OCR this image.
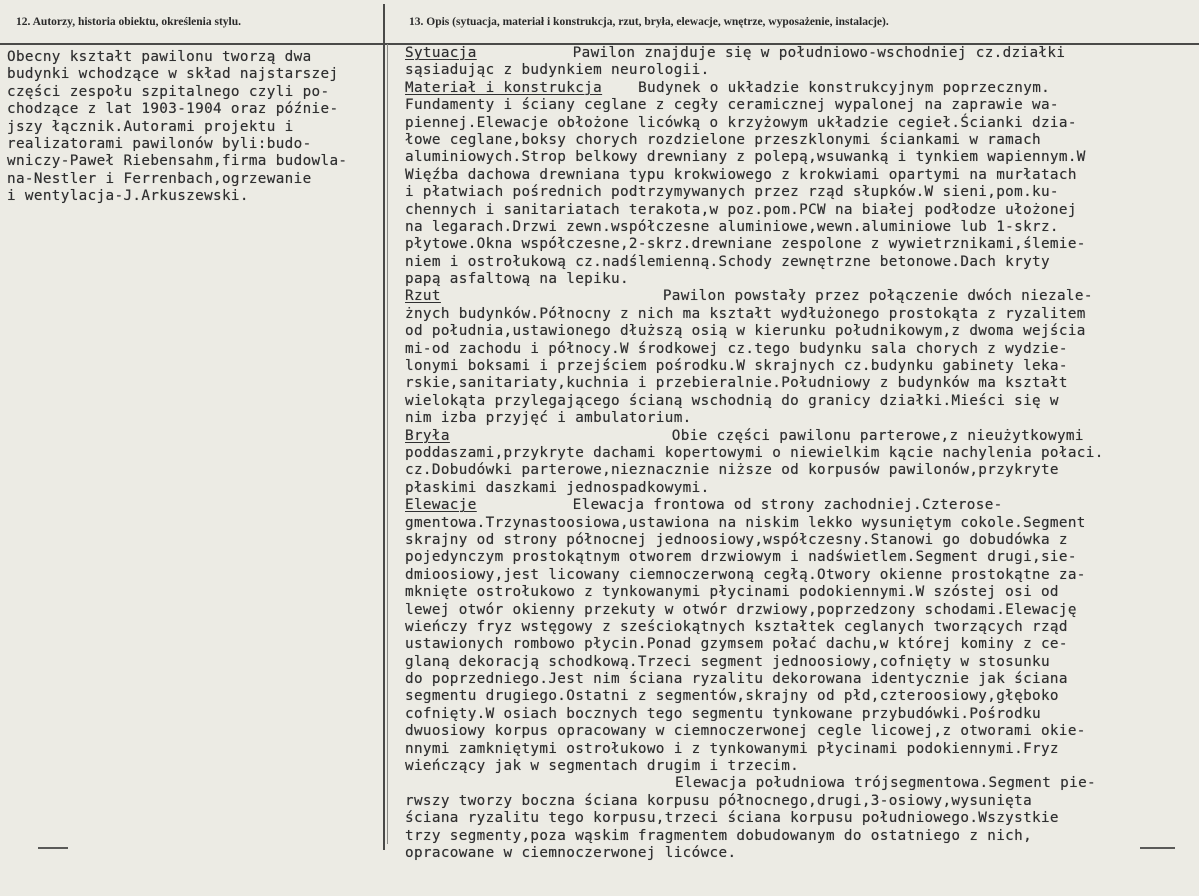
12. Autorzy, historia obiektu, określenia stylu.	13. Opis (sytuacja, materiał i konstrukcja, rzut, bryła, elewacje, wnętrze, wyposażenie, instalacje).
Obecny kształt pawilonu tworzą dwa
budynki wchodzące w skład najstarszej
części zespołu szpitalnego czyli po-
chodzące z lat 1903-1904 oraz późnie-
jszy łącznik.Autorami projektu i
realizatorami pawilonów byli:budo-
wniczy-Paweł Riebensahm,firma budowla-
na-Nestler i Ferrenbach,ogrzewanie
i wentylacja-J.Arkuszewski.
Sytuacja	Pawilon znajduje się w południowo-wschodniej cz.działki
sąsiadując z budynkiem neurologii.
Materiał i konstrukcja	Budynek o układzie konstrukcyjnym poprzecznym.
Fundamenty i ściany ceglane z cegły ceramicznej wypalonej na zaprawie wa-
piennej.Elewacje obłożone licówką o krzyżowym układzie cegieł.Ścianki dzia-
łowe ceglane,boksy chorych rozdzielone przeszklonymi ściankami w ramach
aluminiowych.Strop belkowy drewniany z polepą,wsuwanką i tynkiem wapiennym.W
Więźba dachowa drewniana typu krokwiowego z krokwiami opartymi na murłatach
i płatwiach pośrednich podtrzymywanych przez rząd słupków.W sieni,pom.ku-
chennych i sanitariatach terakota,w poz.pom.PCW na białej podłodze ułożonej
na legarach.Drzwi zewn.współczesne aluminiowe,wewn.aluminiowe lub 1-skrz.
płytowe.Okna współczesne,2-skrz.drewniane zespolone z wywietrznikami,ślemie-
niem i ostrołukową cz.nadślemienną.Schody zewnętrzne betonowe.Dach kryty
papą asfaltową na lepiku.
Rzut	Pawilon powstały przez połączenie dwóch niezale-
żnych budynków.Północny z nich ma kształt wydłużonego prostokąta z ryzalitem
od południa,ustawionego dłuższą osią w kierunku południkowym,z dwoma wejścia
mi-od zachodu i północy.W środkowej cz.tego budynku sala chorych z wydzie-
lonymi boksami i przejściem pośrodku.W skrajnych cz.budynku gabinety leka-
rskie,sanitariaty,kuchnia i przebieralnie.Południowy z budynków ma kształt
wielokąta przylegającego ścianą wschodnią do granicy działki.Mieści się w
nim izba przyjęć i ambulatorium.
Bryła	Obie części pawilonu parterowe,z nieużytkowymi
poddaszami,przykryte dachami kopertowymi o niewielkim kącie nachylenia połaci.
cz.Dobudówki parterowe,nieznacznie niższe od korpusów pawilonów,przykryte
płaskimi daszkami jednospadkowymi.
Elewacje	Elewacja frontowa od strony zachodniej.Czterose-
gmentowa.Trzynastoosiowa,ustawiona na niskim lekko wysuniętym cokole.Segment
skrajny od strony północnej jednoosiowy,współczesny.Stanowi go dobudówka z
pojedynczym prostokątnym otworem drzwiowym i nadświetlem.Segment drugi,sie-
dmioosiowy,jest licowany ciemnoczerwoną cegłą.Otwory okienne prostokątne za-
mknięte ostrołukowo z tynkowanymi płycinami podokiennymi.W szóstej osi od
lewej otwór okienny przekuty w otwór drzwiowy,poprzedzony schodami.Elewację
wieńczy fryz wstęgowy z sześciokątnych kształtek ceglanych tworzących rząd
ustawionych rombowo płycin.Ponad gzymsem połać dachu,w której kominy z ce-
glaną dekoracją schodkową.Trzeci segment jednoosiowy,cofnięty w stosunku
do poprzedniego.Jest nim ściana ryzalitu dekorowana identycznie jak ściana
segmentu drugiego.Ostatni z segmentów,skrajny od płd,czteroosiowy,głęboko
cofnięty.W osiach bocznych tego segmentu tynkowane przybudówki.Pośrodku
dwuosiowy korpus opracowany w ciemnoczerwonej cegle licowej,z otworami okie-
nnymi zamkniętymi ostrołukowo i z tynkowanymi płycinami podokiennymi.Fryz
wieńczący jak w segmentach drugim i trzecim.
Elewacja południowa trójsegmentowa.Segment pie-
rwszy tworzy boczna ściana korpusu północnego,drugi,3-osiowy,wysunięta
ściana ryzalitu tego korpusu,trzeci ściana korpusu południowego.Wszystkie
trzy segmenty,poza wąskim fragmentem dobudowanym do ostatniego z nich,
opracowane w ciemnoczerwonej licówce.
